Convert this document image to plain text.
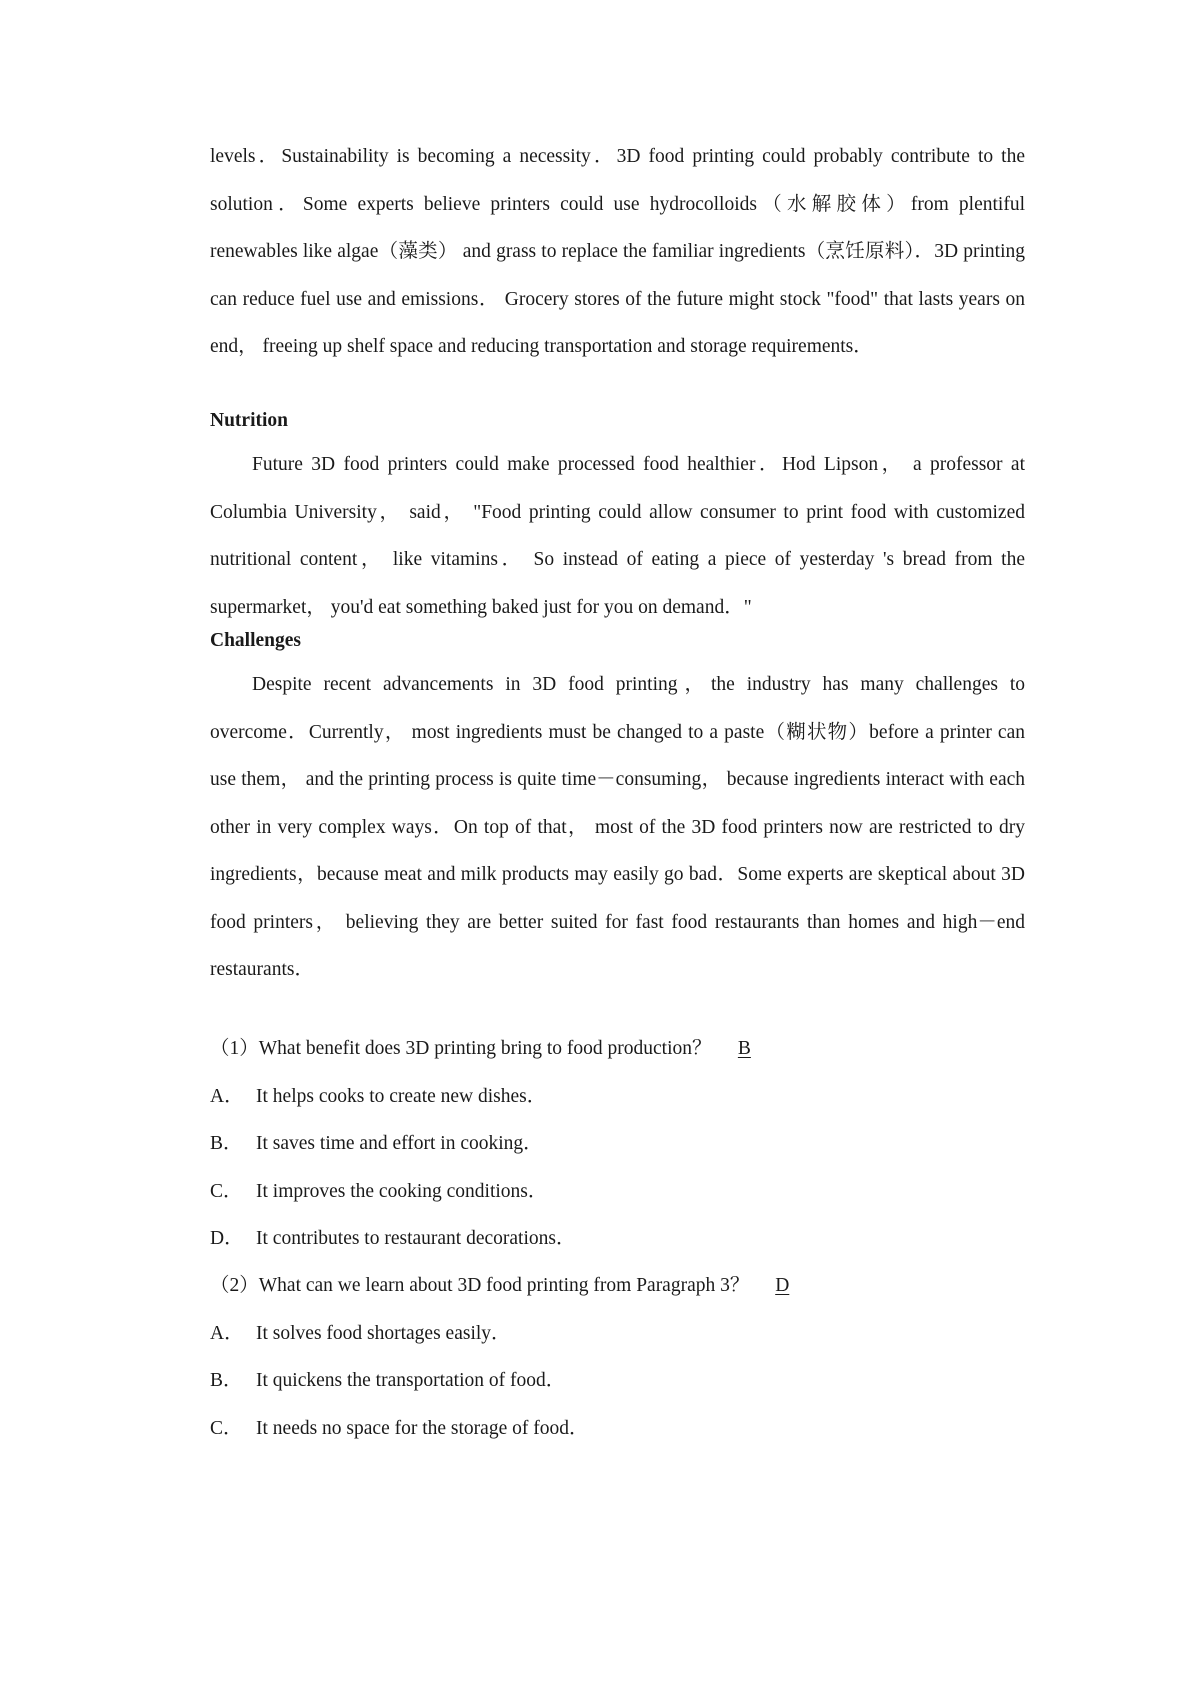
levels．Sustainability is becoming a necessity．3D food printing could probably contribute to the solution．Some experts believe printers could use hydrocolloids（水解胶体）from plentiful renewables like algae（藻类） and grass to replace the familiar ingredients（烹饪原料）．3D printing can reduce fuel use and emissions． Grocery stores of the future might stock "food" that lasts years on end， freeing up shelf space and reducing transportation and storage requirements．

Nutrition

Future 3D food printers could make processed food healthier．Hod Lipson， a professor at Columbia University， said， "Food printing could allow consumer to print food with customized nutritional content， like vitamins． So instead of eating a piece of yesterday 's bread from the supermarket， you'd eat something baked just for you on demand．"

Challenges

Despite recent advancements in 3D food printing，the industry has many challenges to overcome．Currently， most ingredients must be changed to a paste（糊状物）before a printer can use them， and the printing process is quite time－consuming， because ingredients interact with each other in very complex ways．On top of that， most of the 3D food printers now are restricted to dry ingredients，because meat and milk products may easily go bad．Some experts are skeptical about 3D food printers， believing they are better suited for fast food restaurants than homes and high－end restaurants．

（1）What benefit does 3D printing bring to food production？ B
A． It helps cooks to create new dishes．
B． It saves time and effort in cooking．
C． It improves the cooking conditions．
D． It contributes to restaurant decorations．
（2）What can we learn about 3D food printing from Paragraph 3？ D
A． It solves food shortages easily．
B． It quickens the transportation of food．
C． It needs no space for the storage of food．
